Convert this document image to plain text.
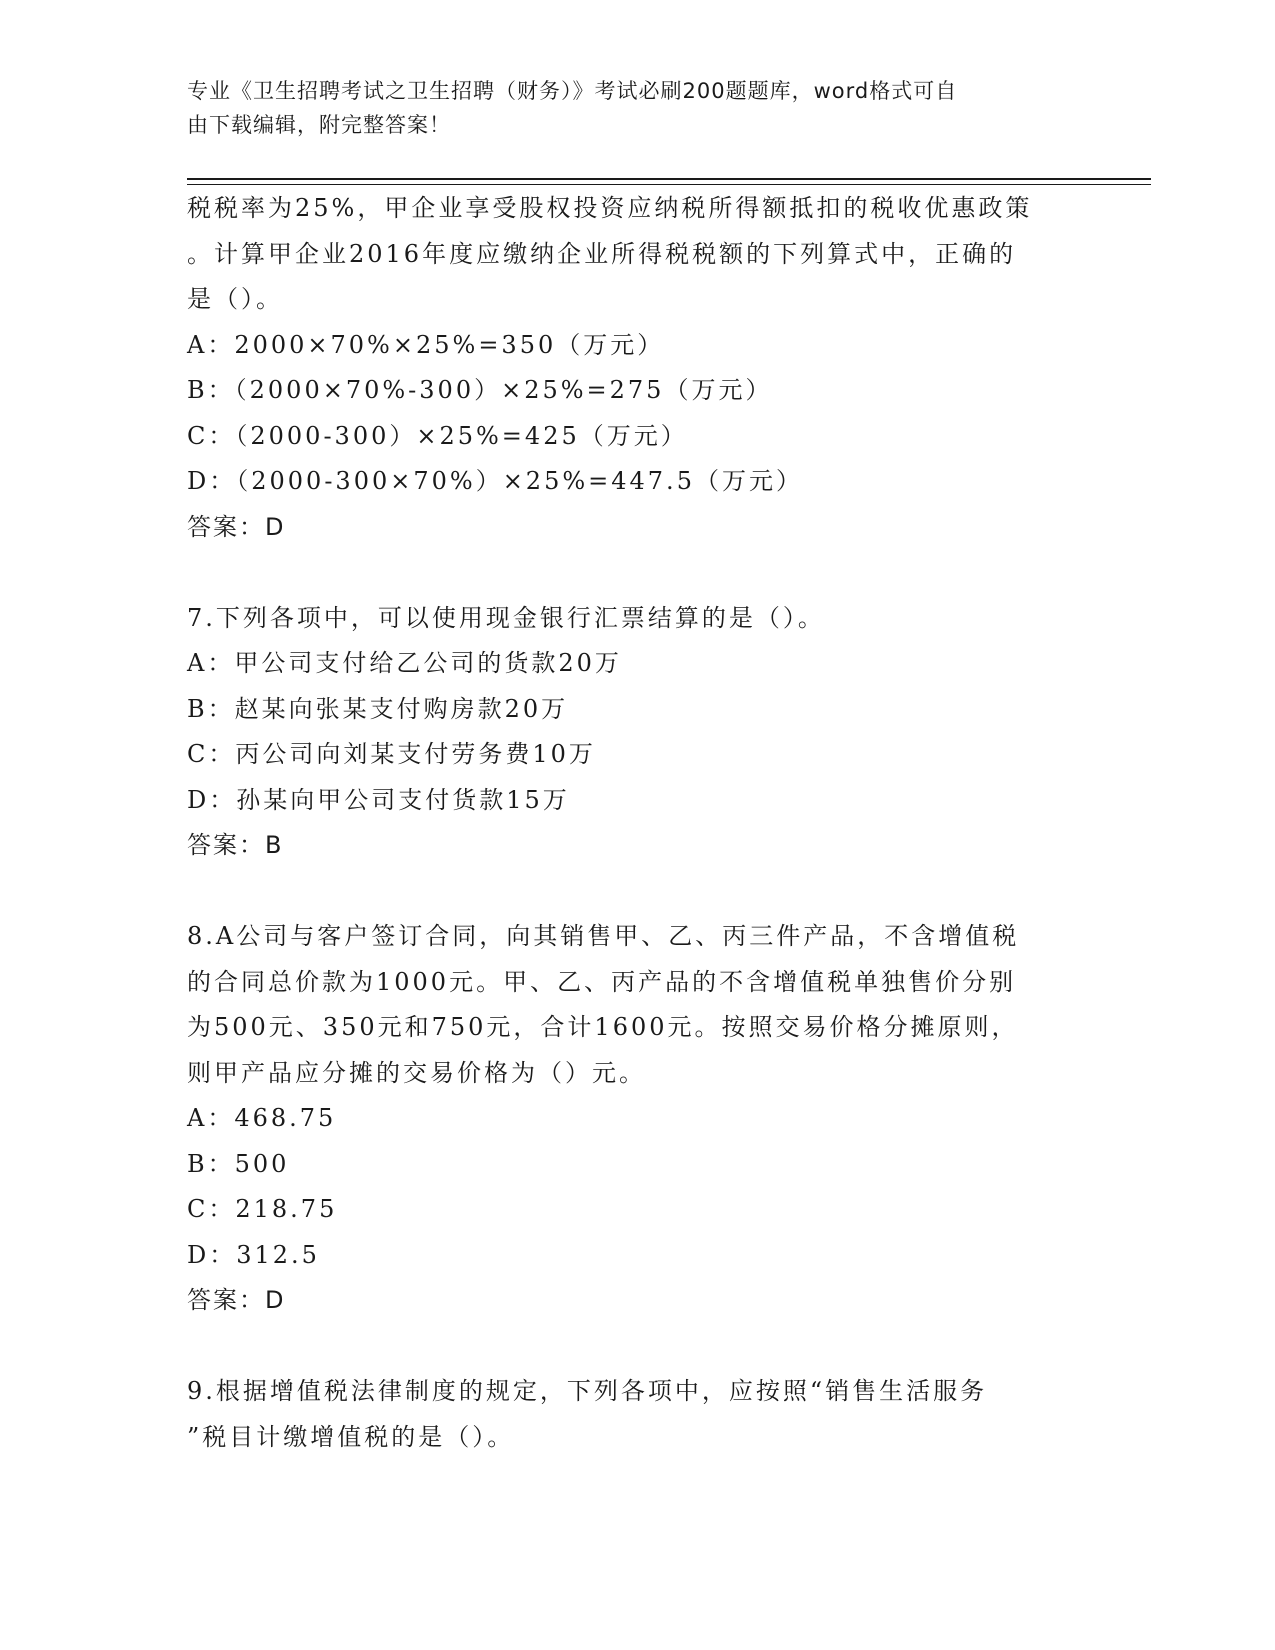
专业《卫生招聘考试之卫生招聘（财务）》考试必刷200题题库，word格式可自
由下载编辑，附完整答案！
税税率为25%，甲企业享受股权投资应纳税所得额抵扣的税收优惠政策
。计算甲企业2016年度应缴纳企业所得税税额的下列算式中，正确的
是（）。
A：2000×70%×25%=350（万元）
B：（2000×70%-300）×25%=275（万元）
C：（2000-300）×25%=425（万元）
D：（2000-300×70%）×25%=447.5（万元）
答案：D
7.下列各项中，可以使用现金银行汇票结算的是（）。
A：甲公司支付给乙公司的货款20万
B：赵某向张某支付购房款20万
C：丙公司向刘某支付劳务费10万
D：孙某向甲公司支付货款15万
答案：B
8.A公司与客户签订合同，向其销售甲、乙、丙三件产品，不含增值税
的合同总价款为1000元。甲、乙、丙产品的不含增值税单独售价分别
为500元、350元和750元，合计1600元。按照交易价格分摊原则，
则甲产品应分摊的交易价格为（）元。
A：468.75
B：500
C：218.75
D：312.5
答案：D
9.根据增值税法律制度的规定，下列各项中，应按照“销售生活服务
”税目计缴增值税的是（）。
